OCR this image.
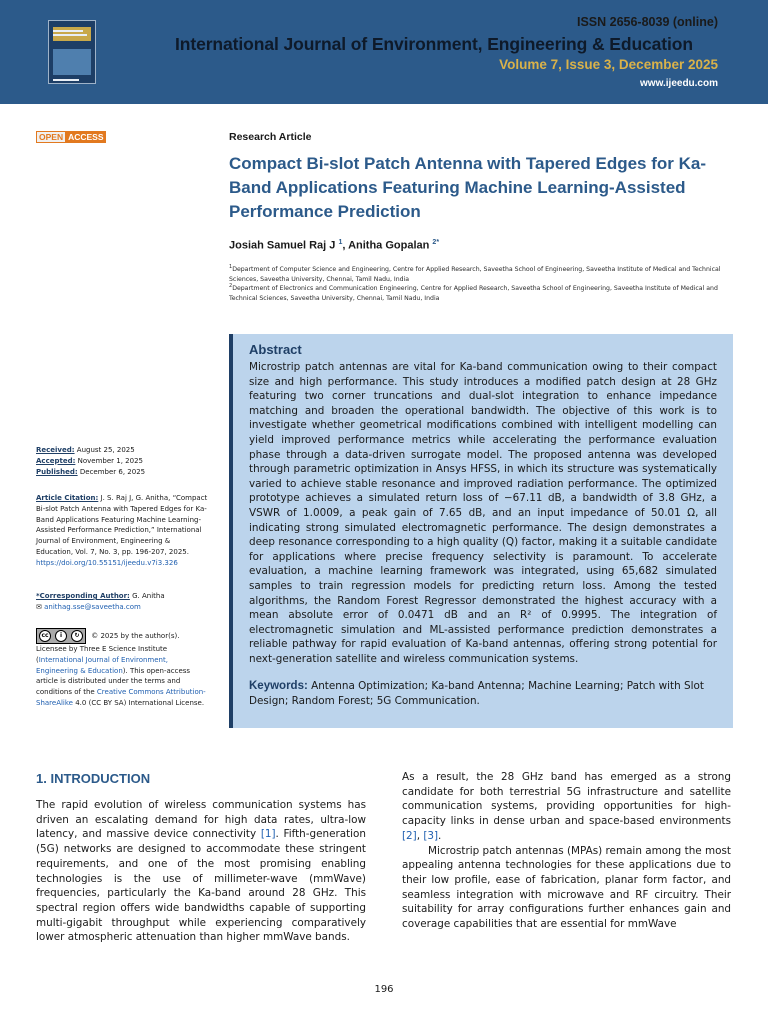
ISSN 2656-8039 (online)
International Journal of Environment, Engineering & Education
Volume 7, Issue 3, December 2025
www.ijeedu.com
OPEN ACCESS	Research Article
Compact Bi-slot Patch Antenna with Tapered Edges for Ka-Band Applications Featuring Machine Learning-Assisted Performance Prediction
Josiah Samuel Raj J $^1$, Anitha Gopalan $^{2*}$
$^1$Department of Computer Science and Engineering, Centre for Applied Research, Saveetha School of Engineering, Saveetha Institute of Medical and Technical Sciences, Saveetha University, Chennai, Tamil Nadu, India
$^2$Department of Electronics and Communication Engineering, Centre for Applied Research, Saveetha School of Engineering, Saveetha Institute of Medical and Technical Sciences, Saveetha University, Chennai, Tamil Nadu, India
Abstract
Microstrip patch antennas are vital for Ka-band communication owing to their compact size and high performance. This study introduces a modified patch design at 28 GHz featuring two corner truncations and dual-slot integration to enhance impedance matching and broaden the operational bandwidth. The objective of this work is to investigate whether geometrical modifications combined with intelligent modelling can yield improved performance metrics while accelerating the performance evaluation phase through a data-driven surrogate model. The proposed antenna was developed through parametric optimization in Ansys HFSS, in which its structure was systematically varied to achieve stable resonance and improved radiation performance. The optimized prototype achieves a simulated return loss of −67.11 dB, a bandwidth of 3.8 GHz, a VSWR of 1.0009, a peak gain of 7.65 dB, and an input impedance of 50.01 Ω, all indicating strong simulated electromagnetic performance. The design demonstrates a deep resonance corresponding to a high quality (Q) factor, making it a suitable candidate for applications where precise frequency selectivity is paramount. To accelerate evaluation, a machine learning framework was integrated, using 65,682 simulated samples to train regression models for predicting return loss. Among the tested algorithms, the Random Forest Regressor demonstrated the highest accuracy with a mean absolute error of 0.0471 dB and an R² of 0.9995. The integration of electromagnetic simulation and ML-assisted performance prediction demonstrates a reliable pathway for rapid evaluation of Ka-band antennas, offering strong potential for next-generation satellite and wireless communication systems.
Keywords: Antenna Optimization; Ka-band Antenna; Machine Learning; Patch with Slot Design; Random Forest; 5G Communication.
Received: August 25, 2025
Accepted: November 1, 2025
Published: December 6, 2025
Article Citation: J. S. Raj J, G. Anitha, “Compact Bi-slot Patch Antenna with Tapered Edges for Ka-Band Applications Featuring Machine Learning-Assisted Performance Prediction,” International Journal of Environment, Engineering & Education, Vol. 7, No. 3, pp. 196-207, 2025. https://doi.org/10.55151/ijeedu.v7i3.326
*Corresponding Author: G. Anitha
✉ anithag.sse@saveetha.com
cc	i	↻	© 2025 by the author(s). Licensee by Three E Science Institute (International Journal of Environment, Engineering & Education). This open-access article is distributed under the terms and conditions of the Creative Commons Attribution-ShareAlike 4.0 (CC BY SA) International License.
1. INTRODUCTION
The rapid evolution of wireless communication systems has driven an escalating demand for high data rates, ultra-low latency, and massive device connectivity [1]. Fifth-generation (5G) networks are designed to accommodate these stringent requirements, and one of the most promising enabling technologies is the use of millimeter-wave (mmWave) frequencies, particularly the Ka-band around 28 GHz. This spectral region offers wide bandwidths capable of supporting multi-gigabit throughput while experiencing comparatively lower atmospheric attenuation than higher mmWave bands.
As a result, the 28 GHz band has emerged as a strong candidate for both terrestrial 5G infrastructure and satellite communication systems, providing opportunities for high-capacity links in dense urban and space-based environments [2], [3].
Microstrip patch antennas (MPAs) remain among the most appealing antenna technologies for these applications due to their low profile, ease of fabrication, planar form factor, and seamless integration with microwave and RF circuitry. Their suitability for array configurations further enhances gain and coverage capabilities that are essential for mmWave
196
